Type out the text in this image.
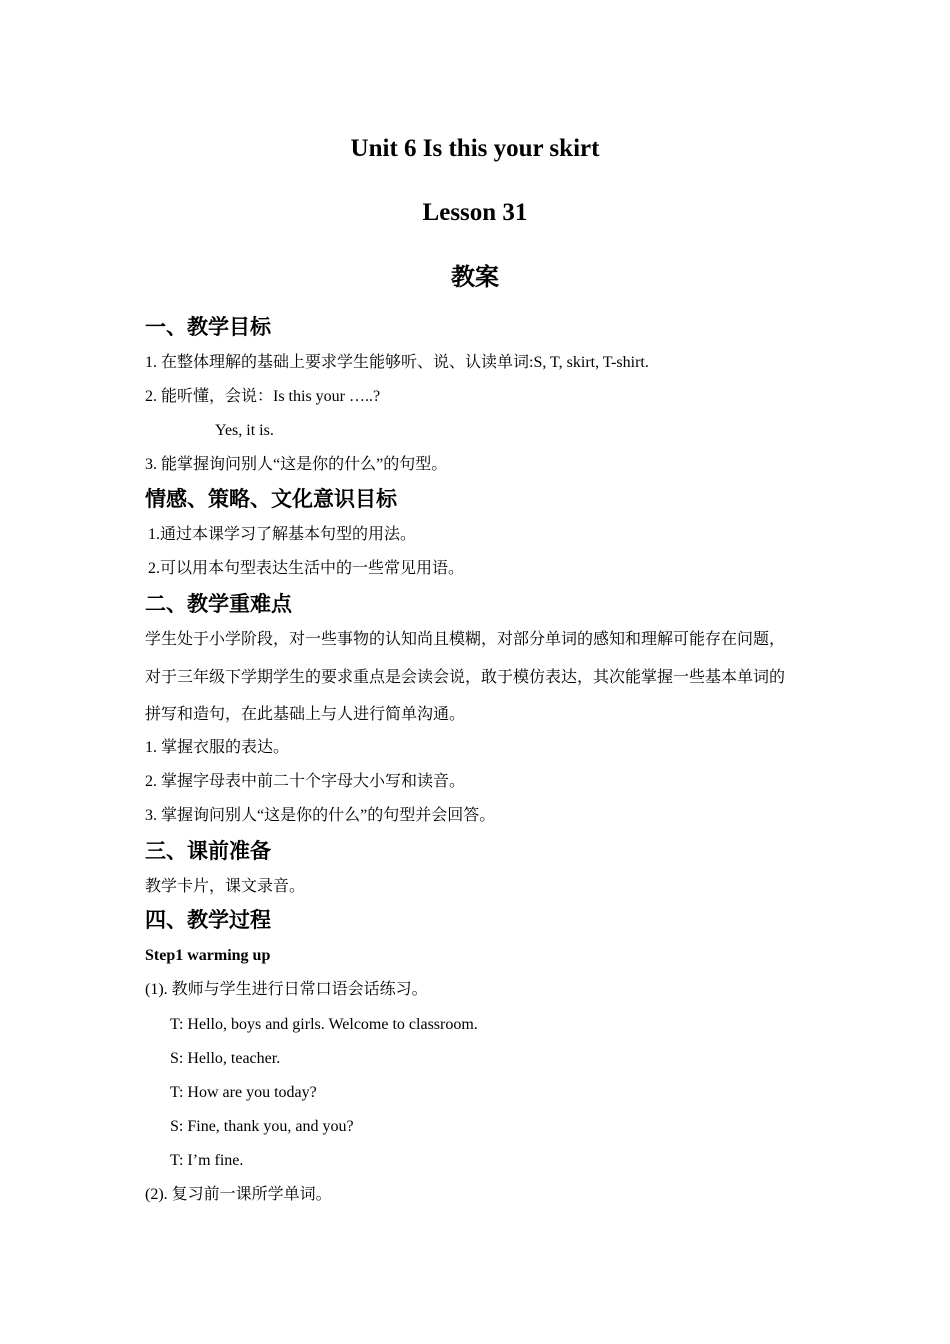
Unit 6 Is this your skirt
Lesson 31
教案
一、教学目标
1. 在整体理解的基础上要求学生能够听、说、认读单词:S, T, skirt, T-shirt.
2. 能听懂，会说：Is this your …..?
Yes, it is.
3. 能掌握询问别人“这是你的什么”的句型。
情感、策略、文化意识目标
1.通过本课学习了解基本句型的用法。
2.可以用本句型表达生活中的一些常见用语。
二、教学重难点
学生处于小学阶段，对一些事物的认知尚且模糊，对部分单词的感知和理解可能存在问题，
对于三年级下学期学生的要求重点是会读会说，敢于模仿表达，其次能掌握一些基本单词的
拼写和造句，在此基础上与人进行简单沟通。
1. 掌握衣服的表达。
2. 掌握字母表中前二十个字母大小写和读音。
3. 掌握询问别人“这是你的什么”的句型并会回答。
三、课前准备
教学卡片，课文录音。
四、教学过程
Step1 warming up
(1). 教师与学生进行日常口语会话练习。
T: Hello, boys and girls. Welcome to classroom.
S: Hello, teacher.
T: How are you today?
S: Fine, thank you, and you?
T: I’m fine.
(2). 复习前一课所学单词。
